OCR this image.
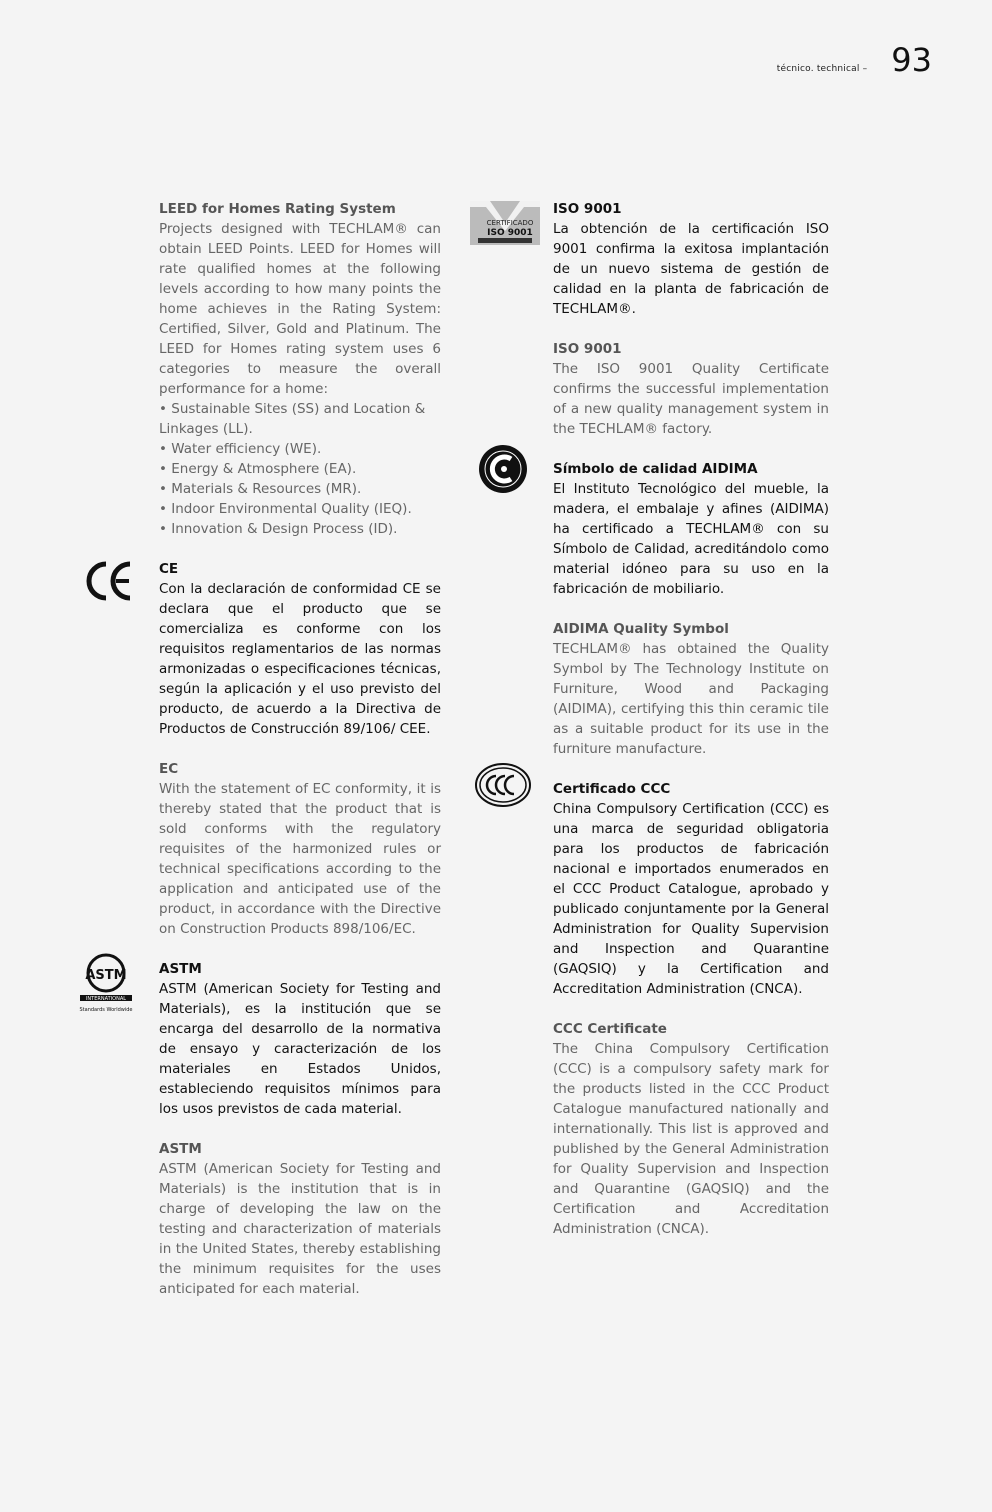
técnico. technical – 93
ASTM
INTERNATIONAL
Standards Worldwide
CERTIFICADO
ISO 9001
LEED for Homes Rating System

Projects designed with TECHLAM® can obtain LEED Points. LEED for Homes will rate qualified homes at the following levels according to how many points the home achieves in the Rating System: Certified, Silver, Gold and Platinum. The LEED for Homes rating system uses 6 categories to measure the overall performance for a home:

• Sustainable Sites (SS) and Location & Linkages (LL).
• Water efficiency (WE).
• Energy & Atmosphere (EA).
• Materials & Resources (MR).
• Indoor Environmental Quality (IEQ).
• Innovation & Design Process (ID).
CE

Con la declaración de conformidad CE se declara que el producto que se comercializa es conforme con los requisitos reglamentarios de las normas armonizadas o especificaciones técnicas, según la aplicación y el uso previsto del producto, de acuerdo a la Directiva de Productos de Construcción 89/106/ CEE.

EC

With the statement of EC conformity, it is thereby stated that the product that is sold conforms with the regulatory requisites of the harmonized rules or technical specifications according to the application and anticipated use of the product, in accordance with the Directive on Construction Products 898/106/EC.

ASTM

ASTM (American Society for Testing and Materials), es la institución que se encarga del desarrollo de la normativa de ensayo y caracterización de los materiales en Estados Unidos, estableciendo requisitos mínimos para los usos previstos de cada material.

ASTM

ASTM (American Society for Testing and Materials) is the institution that is in charge of developing the law on the testing and characterization of materials in the United States, thereby establishing the minimum requisites for the uses anticipated for each material.

ISO 9001

La obtención de la certificación ISO 9001 confirma la exitosa implantación de un nuevo sistema de gestión de calidad en la planta de fabricación de TECHLAM®.

ISO 9001

The ISO 9001 Quality Certificate confirms the successful implementation of a new quality management system in the TECHLAM® factory.

Símbolo de calidad AIDIMA

El Instituto Tecnológico del mueble, la madera, el embalaje y afines (AIDIMA) ha certificado a TECHLAM® con su Símbolo de Calidad, acreditándolo como material idóneo para su uso en la fabricación de mobiliario.

AIDIMA Quality Symbol

TECHLAM® has obtained the Quality Symbol by The Technology Institute on Furniture, Wood and Packaging (AIDIMA), certifying this thin ceramic tile as a suitable product for its use in the furniture manufacture.

Certificado CCC

China Compulsory Certification (CCC) es una marca de seguridad obligatoria para los productos de fabricación nacional e importados enumerados en el CCC Product Catalogue, aprobado y publicado conjuntamente por la General Administration for Quality Supervision and Inspection and Quarantine (GAQSIQ) y la Certification and Accreditation Administration (CNCA).

CCC Certificate

The China Compulsory Certification (CCC) is a compulsory safety mark for the products listed in the CCC Product Catalogue manufactured nationally and internationally. This list is approved and published by the General Administration for Quality Supervision and Inspection and Quarantine (GAQSIQ) and the Certification and Accreditation Administration (CNCA).
